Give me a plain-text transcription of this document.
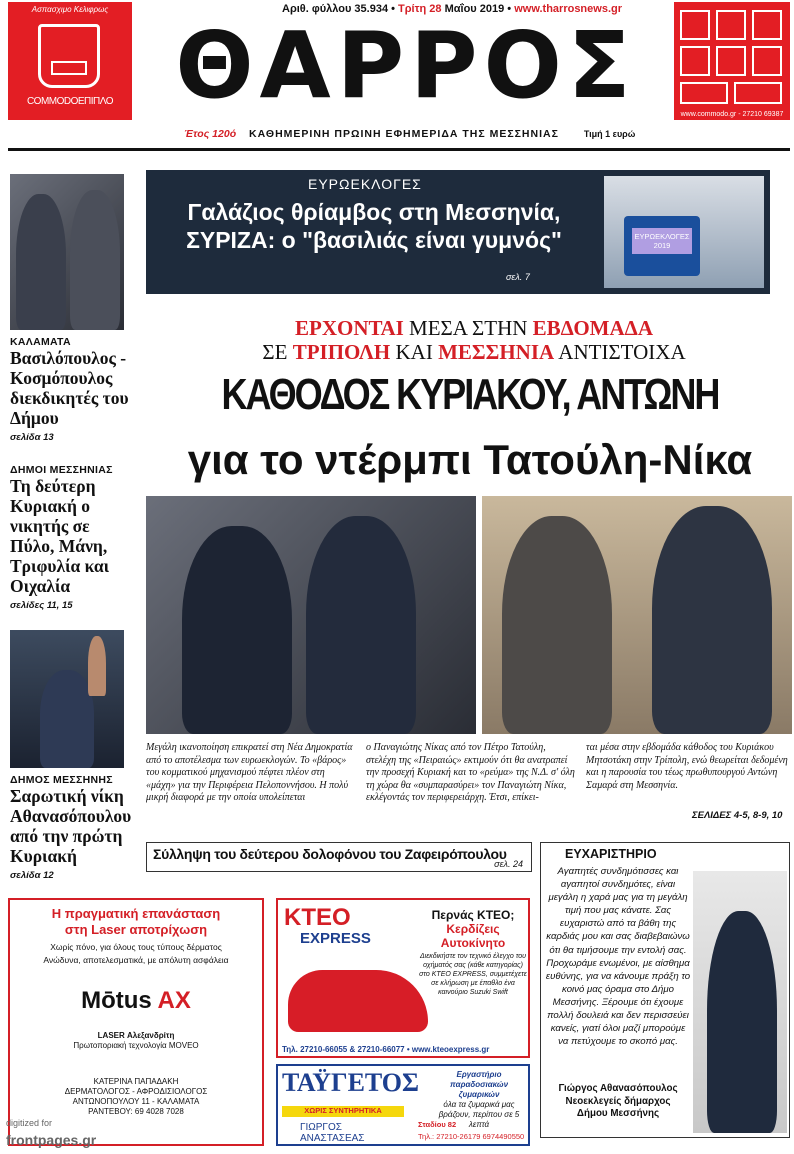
Ασπασχιμο Κελιφρως
COMMODOEΠΙΠΛΟ
Αριθ. φύλλου 35.934 • Τρίτη 28 Μαΐου 2019 • www.tharrosnews.gr
ΘΑΡΡΟΣ
Έτος 120ό ΚΑΘΗΜΕΡΙΝΗ ΠΡΩΙΝΗ ΕΦΗΜΕΡΙΔΑ ΤΗΣ ΜΕΣΣΗΝΙΑΣ	Τιμή 1 ευρώ
www.commodo.gr - 27210 69387
ΚΑΛΑΜΑΤΑ
Βασιλόπουλος - Κοσμόπουλος διεκδικητές του Δήμου
σελίδα 13
ΔΗΜΟΙ ΜΕΣΣΗΝΙΑΣ
Τη δεύτερη Κυριακή ο νικητής σε Πύλο, Μάνη, Τριφυλία και Οιχαλία
σελίδες 11, 15
ΔΗΜΟΣ ΜΕΣΣΗΝΗΣ
Σαρωτική νίκη Αθανασόπουλου από την πρώτη Κυριακή
σελίδα 12
ΕΥΡΩΕΚΛΟΓΕΣ
Γαλάζιος θρίαμβος στη Μεσσηνία,
ΣΥΡΙΖΑ: ο "βασιλιάς είναι γυμνός"
σελ. 7
ΕΥΡΩΕΚΛΟΓΕΣ 2019
ΕΡΧΟΝΤΑΙ ΜΕΣΑ ΣΤΗΝ ΕΒΔΟΜΑΔΑ
ΣΕ ΤΡΙΠΟΛΗ ΚΑΙ ΜΕΣΣΗΝΙΑ ΑΝΤΙΣΤΟΙΧΑ
ΚΑΘΟΔΟΣ ΚΥΡΙΑΚΟΥ, ΑΝΤΩΝΗ
για το ντέρμπι Τατούλη-Νίκα
Μεγάλη ικανοποίηση επικρατεί στη Νέα Δημοκρατία από το αποτέλεσμα των ευρωεκλογών. Το «βάρος» του κομματικού μηχανισμού πέφτει πλέον στη «μάχη» για την Περιφέρεια Πελοποννήσου. Η πολύ μικρή διαφορά με την οποία υπολείπεται
ο Παναγιώτης Νίκας από τον Πέτρο Τατούλη, στελέχη της «Πειραιώς» εκτιμούν ότι θα ανατραπεί την προσεχή Κυριακή και το «ρεύμα» της Ν.Δ. σ' όλη τη χώρα θα «συμπαρασύρει» τον Παναγιώτη Νίκα, εκλέγοντάς τον περιφερειάρχη. Έτσι, επίκει-
ται μέσα στην εβδομάδα κάθοδος του Κυριάκου Μητσοτάκη στην Τρίπολη, ενώ θεωρείται δεδομένη και η παρουσία του τέως πρωθυπουργού Αντώνη Σαμαρά στη Μεσσηνία.
ΣΕΛΙΔΕΣ 4-5, 8-9, 10
Σύλληψη του δεύτερου δολοφόνου του Ζαφειρόπουλου
σελ. 24
ΕΥΧΑΡΙΣΤΗΡΙΟ
Αγαπητές συνδημότισσες και αγαπητοί συνδημότες, είναι μεγάλη η χαρά μας για τη μεγάλη τιμή που μας κάνατε. Σας ευχαριστώ από τα βάθη της καρδιάς μου και σας διαβεβαιώνω ότι θα τιμήσουμε την εντολή σας. Προχωράμε ενωμένοι, με αίσθημα ευθύνης, για να κάνουμε πράξη το κοινό μας όραμα στο Δήμο Μεσσήνης. Ξέρουμε ότι έχουμε πολλή δουλειά και δεν περισσεύει κανείς, γιατί όλοι μαζί μπορούμε να πετύχουμε το σκοπό μας.
Γιώργος Αθανασόπουλος
Νεοεκλεγείς δήμαρχος
Δήμου Μεσσήνης
Η πραγματική επανάσταση
στη Laser αποτρίχωση
Χωρίς πόνο, για όλους τους τύπους δέρματος
Ανώδυνα, αποτελεσματικά, με απόλυτη ασφάλεια
Mōtus AX
LASER Αλεξανδρίτη
Πρωτοποριακή τεχνολογία MOVEO
ΚΑΤΕΡΙΝΑ ΠΑΠΑΔΑΚΗ
ΔΕΡΜΑΤΟΛΟΓΟΣ - ΑΦΡΟΔΙΣΙΟΛΟΓΟΣ
ΑΝΤΩΝΟΠΟΥΛΟΥ 11 - ΚΑΛΑΜΑΤΑ
ΡΑΝΤΕΒΟΥ: 69 4028 7028
ΚΤΕΟ
EXPRESS
Περνάς ΚΤΕΟ;
Κερδίζεις Αυτοκίνητο
Διεκδικήστε τον τεχνικό έλεγχο του οχήματός σας (κάθε κατηγορίας) στο ΚΤΕΟ EXPRESS, συμμετέχετε σε κλήρωση με έπαθλο ένα καινούριο Suzuki Swift
Τηλ. 27210-66055 & 27210-66077 • www.kteoexpress.gr
ΤΑΫΓΕΤΟΣ	Εργαστήριο παραδοσιακών ζυμαρικών
όλα τα ζυμαρικά μας βράζουν, περίπου σε 5 λεπτά
ΧΩΡΙΣ ΣΥΝΤΗΡΗΤΙΚΑ
ΓΙΩΡΓΟΣ
ΑΝΑΣΤΑΣΕΑΣ
Σταδίου 82
Τηλ.: 27210-26179 6974490550
digitized for
frontpages.gr
